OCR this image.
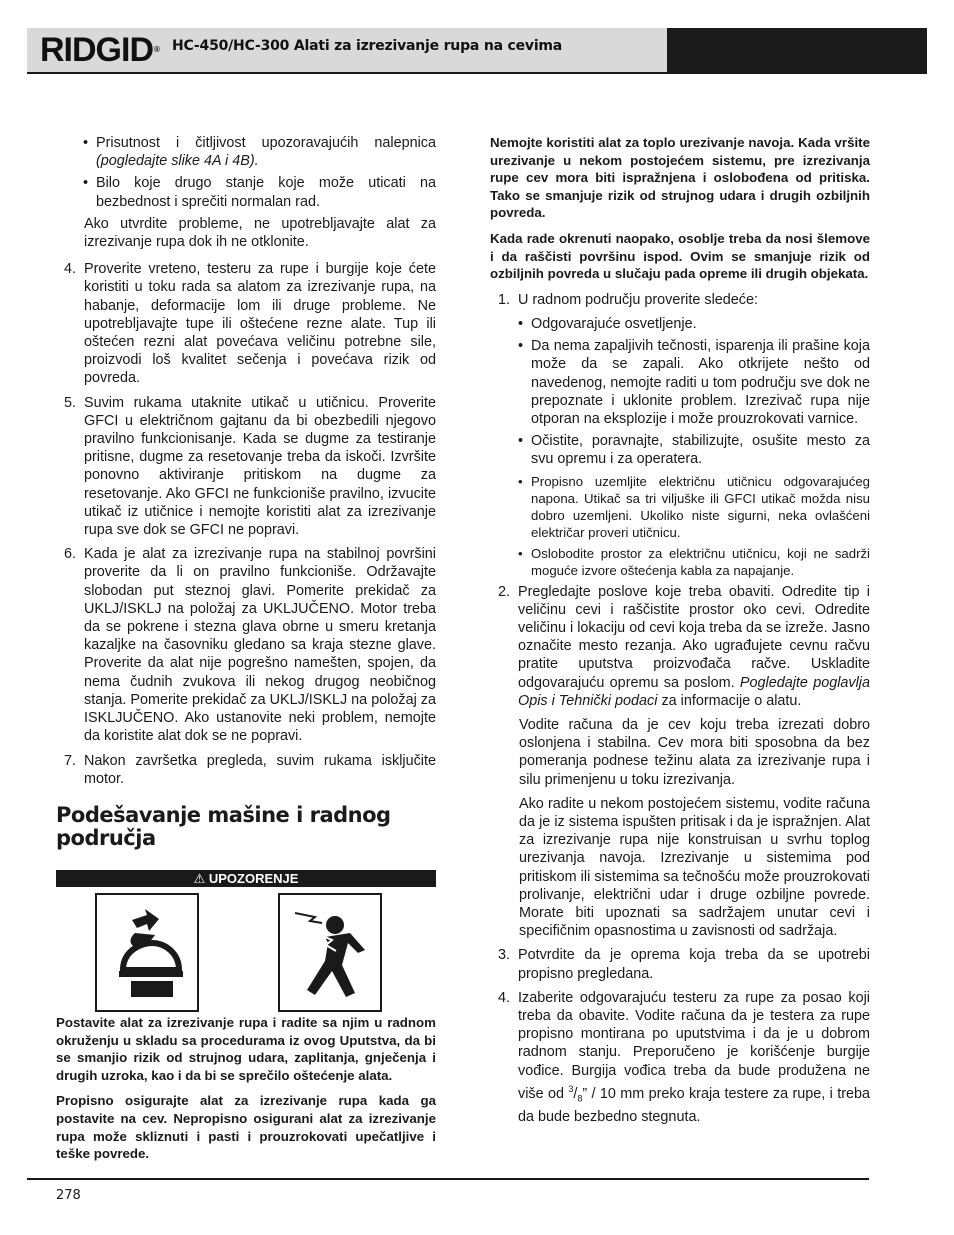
RIDGID® HC-450/HC-300 Alati za izrezivanje rupa na cevima
• Prisutnost i čitljivost upozoravajućih nalepnica (pogledajte slike 4A i 4B).
• Bilo koje drugo stanje koje može uticati na bezbednost i sprečiti normalan rad.
Ako utvrdite probleme, ne upotrebljavajte alat za izrezivanje rupa dok ih ne otklonite.
4. Proverite vreteno, testeru za rupe i burgije koje ćete koristiti u toku rada sa alatom za izrezivanje rupa, na habanje, deformacije lom ili druge probleme. Ne upotrebljavajte tupe ili oštećene rezne alate. Tup ili oštećen rezni alat povećava veličinu potrebne sile, proizvodi loš kvalitet sečenja i povećava rizik od povreda.
5. Suvim rukama utaknite utikač u utičnicu. Proverite GFCI u električnom gajtanu da bi obezbedili njegovo pravilno funkcionisanje. Kada se dugme za testiranje pritisne, dugme za resetovanje treba da iskoči. Izvršite ponovno aktiviranje pritiskom na dugme za resetovanje. Ako GFCI ne funkcioniše pravilno, izvucite utikač iz utičnice i nemojte koristiti alat za izrezivanje rupa sve dok se GFCI ne popravi.
6. Kada je alat za izrezivanje rupa na stabilnoj površini proverite da li on pravilno funkcioniše. Održavajte slobodan put steznoj glavi. Pomerite prekidač za UKLJ/ISKLJ na položaj za UKLJUČENO. Motor treba da se pokrene i stezna glava obrne u smeru kretanja kazaljke na časovniku gledano sa kraja stezne glave. Proverite da alat nije pogrešno namešten, spojen, da nema čudnih zvukova ili nekog drugog neobičnog stanja. Pomerite prekidač za UKLJ/ISKLJ na položaj za ISKLJUČENO. Ako ustanovite neki problem, nemojte da koristite alat dok se ne popravi.
7. Nakon završetka pregleda, suvim rukama isključite motor.
Podešavanje mašine i radnog područja
⚠ UPOZORENJE

Postavite alat za izrezivanje rupa i radite sa njim u radnom okruženju u skladu sa procedurama iz ovog Uputstva, da bi se smanjio rizik od strujnog udara, zaplitanja, gnječenja i drugih uzroka, kao i da bi se sprečilo oštećenje alata.

Propisno osigurajte alat za izrezivanje rupa kada ga postavite na cev. Nepropisno osigurani alat za izrezivanje rupa može skliznuti i pasti i prouzrokovati upečatljive i teške povrede.

Nemojte koristiti alat za toplo urezivanje navoja. Kada vršite urezivanje u nekom postojećem sistemu, pre izrezivanja rupe cev mora biti ispražnjena i oslobođena od pritiska. Tako se smanjuje rizik od strujnog udara i drugih ozbiljnih povreda.

Kada rade okrenuti naopako, osoblje treba da nosi šlemove i da raščisti površinu ispod. Ovim se smanjuje rizik od ozbiljnih povreda u slučaju pada opreme ili drugih objekata.

1. U radnom području proverite sledeće:
• Odgovarajuće osvetljenje.
• Da nema zapaljivih tečnosti, isparenja ili prašine koja može da se zapali. Ako otkrijete nešto od navedenog, nemojte raditi u tom području sve dok ne prepoznate i uklonite problem. Izrezivač rupa nije otporan na eksplozije i može prouzrokovati varnice.
• Očistite, poravnajte, stabilizujte, osušite mesto za svu opremu i za operatera.
• Propisno uzemljite električnu utičnicu odgovarajućeg napona. Utikač sa tri viljuške ili GFCI utikač možda nisu dobro uzemljeni. Ukoliko niste sigurni, neka ovlašćeni električar proveri utičnicu.
• Oslobodite prostor za električnu utičnicu, koji ne sadrži moguće izvore oštećenja kabla za napajanje.
2. Pregledajte poslove koje treba obaviti. Odredite tip i veličinu cevi i raščistite prostor oko cevi. Odredite veličinu i lokaciju od cevi koja treba da se izreže. Jasno označite mesto rezanja. Ako ugrađujete cevnu račvu pratite uputstva proizvođača račve. Uskladite odgovarajuću opremu sa poslom. Pogledajte poglavlja Opis i Tehnički podaci za informacije o alatu.
Vodite računa da je cev koju treba izrezati dobro oslonjena i stabilna. Cev mora biti sposobna da bez pomeranja podnese težinu alata za izrezivanje rupa i silu primenjenu u toku izrezivanja.
Ako radite u nekom postojećem sistemu, vodite računa da je iz sistema ispušten pritisak i da je ispražnjen. Alat za izrezivanje rupa nije konstruisan u svrhu toplog urezivanja navoja. Izrezivanje u sistemima pod pritiskom ili sistemima sa tečnošću može prouzrokovati prolivanje, električni udar i druge ozbiljne povrede. Morate biti upoznati sa sadržajem unutar cevi i specifičnim opasnostima u zavisnosti od sadržaja.
3. Potvrdite da je oprema koja treba da se upotrebi propisno pregledana.
4. Izaberite odgovarajuću testeru za rupe za posao koji treba da obavite. Vodite računa da je testera za rupe propisno montirana po uputstvima i da je u dobrom radnom stanju. Preporučeno je korišćenje burgije vođice. Burgija vođica treba da bude produžena ne više od $^3/_8$” / 10 mm preko kraja testere za rupe, i treba da bude bezbedno stegnuta.
278
